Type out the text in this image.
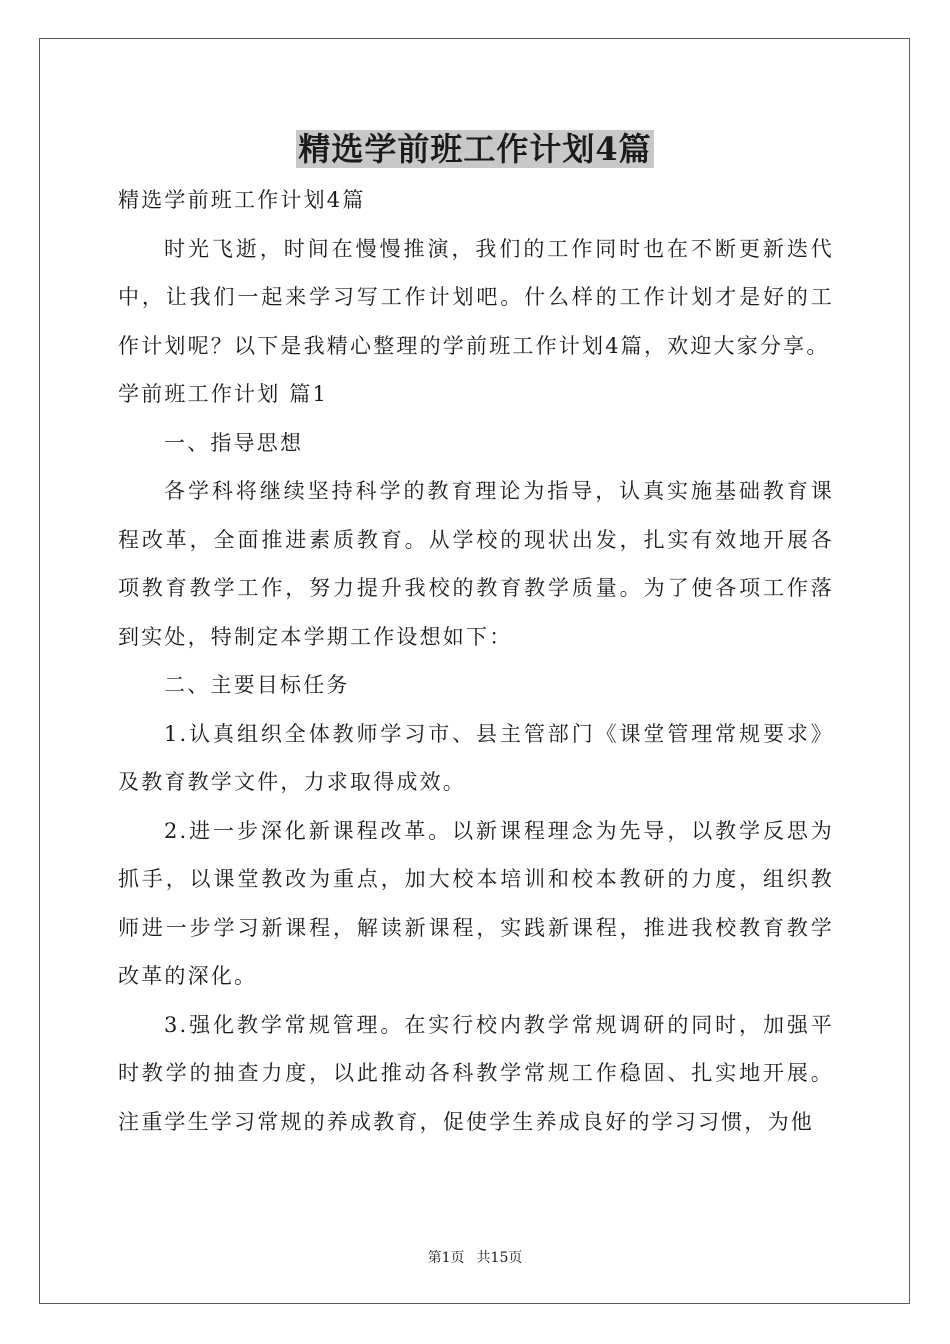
精选学前班工作计划4篇

精选学前班工作计划4篇

时光飞逝，时间在慢慢推演，我们的工作同时也在不断更新迭代中，让我们一起来学习写工作计划吧。什么样的工作计划才是好的工作计划呢？以下是我精心整理的学前班工作计划4篇，欢迎大家分享。

学前班工作计划 篇1

一、指导思想

各学科将继续坚持科学的教育理论为指导，认真实施基础教育课程改革，全面推进素质教育。从学校的现状出发，扎实有效地开展各项教育教学工作，努力提升我校的教育教学质量。为了使各项工作落到实处，特制定本学期工作设想如下：

二、主要目标任务

1.认真组织全体教师学习市、县主管部门《课堂管理常规要求》及教育教学文件，力求取得成效。

2.进一步深化新课程改革。以新课程理念为先导，以教学反思为抓手，以课堂教改为重点，加大校本培训和校本教研的力度，组织教师进一步学习新课程，解读新课程，实践新课程，推进我校教育教学改革的深化。

3.强化教学常规管理。在实行校内教学常规调研的同时，加强平时教学的抽查力度，以此推动各科教学常规工作稳固、扎实地开展。注重学生学习常规的养成教育，促使学生养成良好的学习习惯，为他

第1页 共15页
